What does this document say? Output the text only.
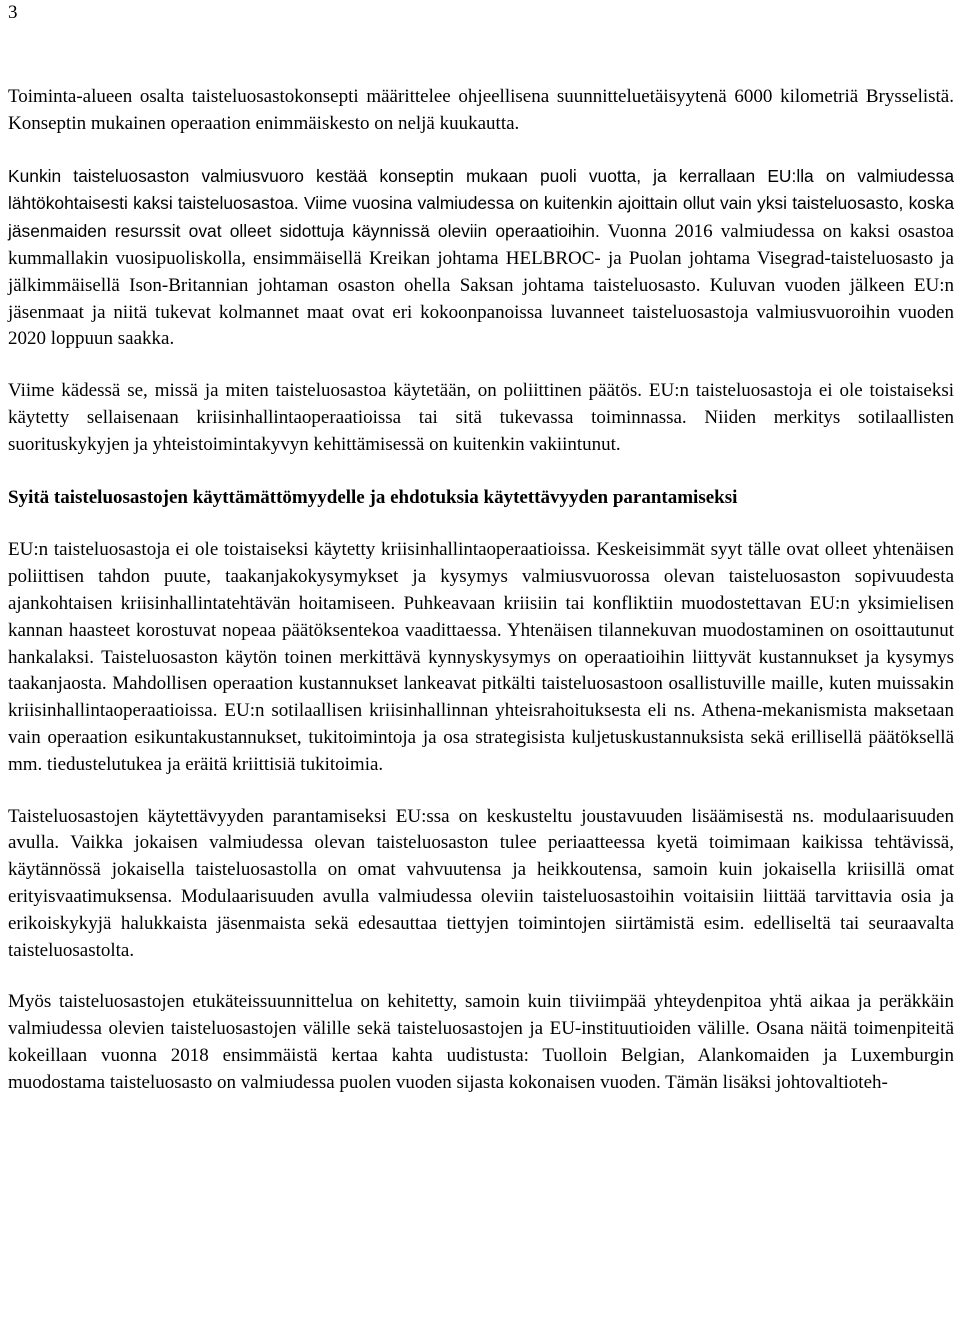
3

Toiminta-alueen osalta taisteluosastokonsepti määrittelee ohjeellisena suunnitteluetäisyytenä 6000 kilometriä Brysselistä. Konseptin mukainen operaation enimmäiskesto on neljä kuukautta.

Kunkin taisteluosaston valmiusvuoro kestää konseptin mukaan puoli vuotta, ja kerrallaan EU:lla on valmiudessa lähtökohtaisesti kaksi taisteluosastoa. Viime vuosina valmiudessa on kuitenkin ajoittain ollut vain yksi taisteluosasto, koska jäsenmaiden resurssit ovat olleet sidottuja käynnissä oleviin operaatioihin. Vuonna 2016 valmiudessa on kaksi osastoa kummallakin vuosipuoliskolla, ensimmäisellä Kreikan johtama HELBROC- ja Puolan johtama Visegrad-taisteluosasto ja jälkimmäisellä Ison-Britannian johtaman osaston ohella Saksan johtama taisteluosasto. Kuluvan vuoden jälkeen EU:n jäsenmaat ja niitä tukevat kolmannet maat ovat eri kokoonpanoissa luvanneet taisteluosastoja valmiusvuoroihin vuoden 2020 loppuun saakka.

Viime kädessä se, missä ja miten taisteluosastoa käytetään, on poliittinen päätös. EU:n taisteluosastoja ei ole toistaiseksi käytetty sellaisenaan kriisinhallintaoperaatioissa tai sitä tukevassa toiminnassa. Niiden merkitys sotilaallisten suorituskykyjen ja yhteistoimintakyvyn kehittämisessä on kuitenkin vakiintunut.

Syitä taisteluosastojen käyttämättömyydelle ja ehdotuksia käytettävyyden parantamiseksi

EU:n taisteluosastoja ei ole toistaiseksi käytetty kriisinhallintaoperaatioissa. Keskeisimmät syyt tälle ovat olleet yhtenäisen poliittisen tahdon puute, taakanjakokysymykset ja kysymys valmiusvuorossa olevan taisteluosaston sopivuudesta ajankohtaisen kriisinhallintatehtävän hoitamiseen. Puhkeavaan kriisiin tai konfliktiin muodostettavan EU:n yksimielisen kannan haasteet korostuvat nopeaa päätöksentekoa vaadittaessa. Yhtenäisen tilannekuvan muodostaminen on osoittautunut hankalaksi. Taisteluosaston käytön toinen merkittävä kynnyskysymys on operaatioihin liittyvät kustannukset ja kysymys taakanjaosta. Mahdollisen operaation kustannukset lankeavat pitkälti taisteluosastoon osallistuville maille, kuten muissakin kriisinhallintaoperaatioissa. EU:n sotilaallisen kriisinhallinnan yhteisrahoituksesta eli ns. Athena-mekanismista maksetaan vain operaation esikuntakustannukset, tukitoimintoja ja osa strategisista kuljetuskustannuksista sekä erillisellä päätöksellä mm. tiedustelutukea ja eräitä kriittisiä tukitoimia.

Taisteluosastojen käytettävyyden parantamiseksi EU:ssa on keskusteltu joustavuuden lisäämisestä ns. modulaarisuuden avulla. Vaikka jokaisen valmiudessa olevan taisteluosaston tulee periaatteessa kyetä toimimaan kaikissa tehtävissä, käytännössä jokaisella taisteluosastolla on omat vahvuutensa ja heikkoutensa, samoin kuin jokaisella kriisillä omat erityisvaatimuksensa. Modulaarisuuden avulla valmiudessa oleviin taisteluosastoihin voitaisiin liittää tarvittavia osia ja erikoiskykyjä halukkaista jäsenmaista sekä edesauttaa tiettyjen toimintojen siirtämistä esim. edelliseltä tai seuraavalta taisteluosastolta.

Myös taisteluosastojen etukäteissuunnittelua on kehitetty, samoin kuin tiiviimpää yhteydenpitoa yhtä aikaa ja peräkkäin valmiudessa olevien taisteluosastojen välille sekä taisteluosastojen ja EU-instituutioiden välille. Osana näitä toimenpiteitä kokeillaan vuonna 2018 ensimmäistä kertaa kahta uudistusta: Tuolloin Belgian, Alankomaiden ja Luxemburgin muodostama taisteluosasto on valmiudessa puolen vuoden sijasta kokonaisen vuoden. Tämän lisäksi johtovaltioteh-
